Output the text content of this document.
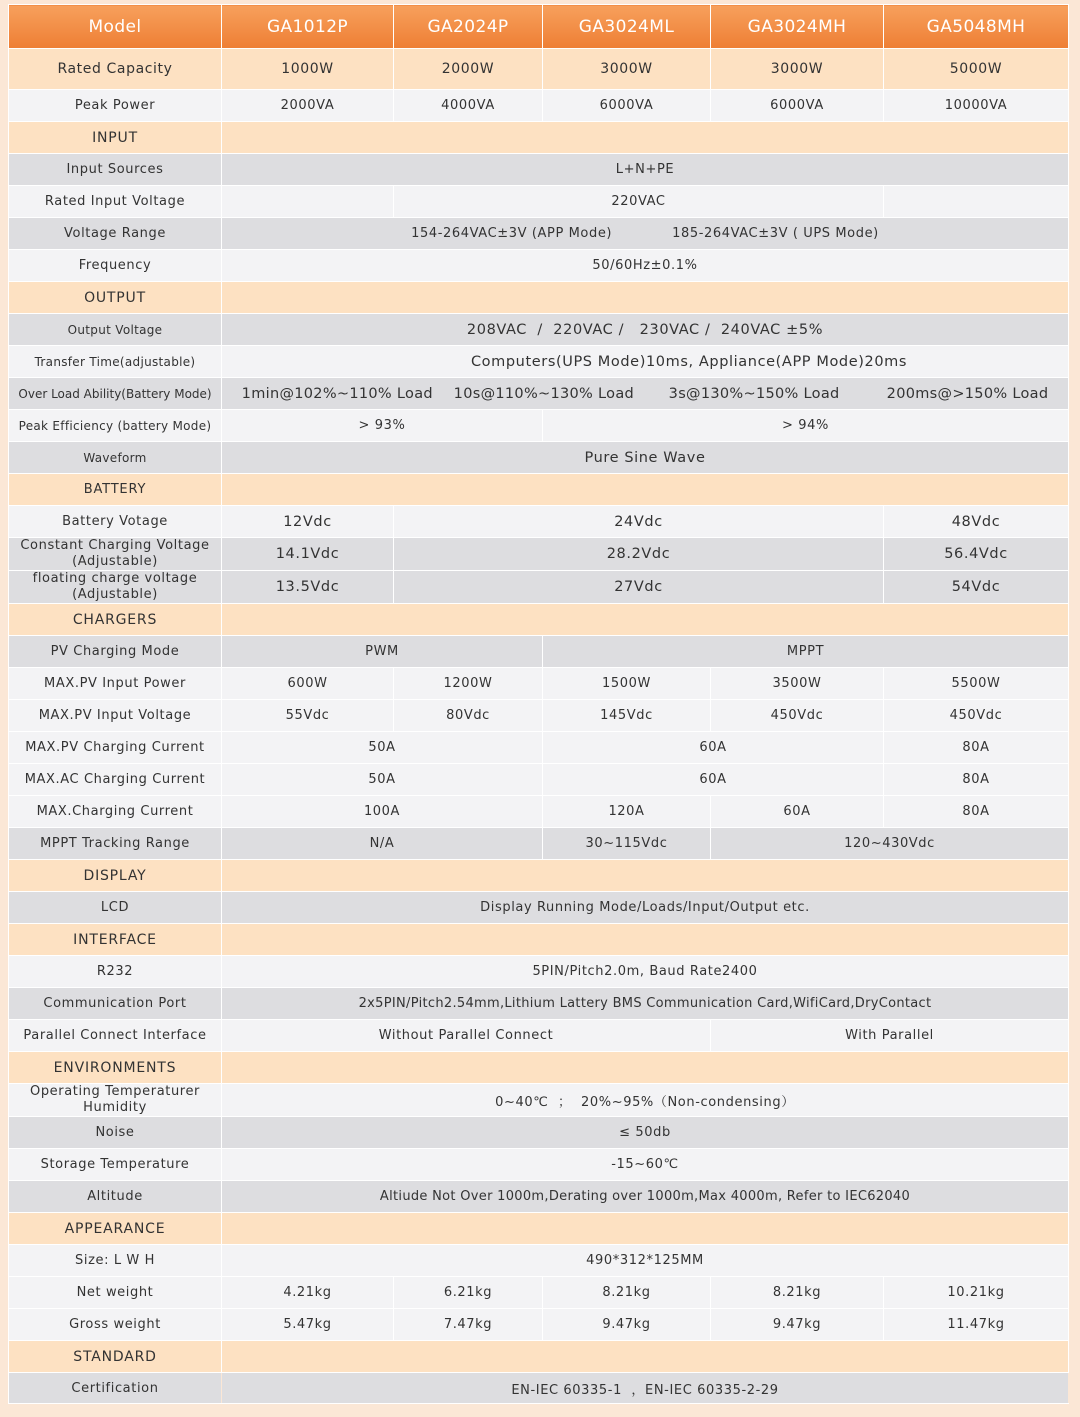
Model	GA1012P	GA2024P	GA3024ML	GA3024MH	GA5048MH
Rated Capacity	1000W	2000W	3000W	3000W	5000W
Peak Power	2000VA	4000VA	6000VA	6000VA	10000VA
INPUT					
Input Sources	L+N+PE				
Rated Input Voltage		220VAC			
Voltage Range	154-264VAC±3V (APP Mode) 185-264VAC±3V ( UPS Mode)				
Frequency	50/60Hz±0.1%				
OUTPUT					
Output Voltage	208VAC  /  220VAC /   230VAC /  240VAC ±5%				
Transfer Time(adjustable)	Computers(UPS Mode)10ms, Appliance(APP Mode)20ms				
Over Load Ability(Battery Mode)	1min@102%~110% Load 10s@110%~130% Load 3s@130%~150% Load 200ms@>150% Load				
Peak Efficiency (battery Mode)	> 93%		> 94%		
Waveform	Pure Sine Wave				
BATTERY					
Battery Votage	12Vdc	24Vdc			48Vdc
Constant Charging Voltage (Adjustable)	14.1Vdc	28.2Vdc			56.4Vdc
floating charge voltage (Adjustable)	13.5Vdc	27Vdc			54Vdc
CHARGERS					
PV Charging Mode	PWM		MPPT		
MAX.PV Input Power	600W	1200W	1500W	3500W	5500W
MAX.PV Input Voltage	55Vdc	80Vdc	145Vdc	450Vdc	450Vdc
MAX.PV Charging Current	50A		60A		80A
MAX.AC Charging Current	50A		60A		80A
MAX.Charging Current	100A		120A	60A	80A
MPPT Tracking Range	N/A		30~115Vdc	120~430Vdc	
DISPLAY					
LCD	Display Running Mode/Loads/Input/Output etc.				
INTERFACE					
R232	5PIN/Pitch2.0m, Baud Rate2400				
Communication Port	2x5PIN/Pitch2.54mm,Lithium Lattery BMS Communication Card,WifiCard,DryContact				
Parallel Connect Interface	Without Parallel Connect			With Parallel	
ENVIRONMENTS					
Operating Temperaturer Humidity	0~40℃  ；  20%~95%（Non-condensing）				
Noise	≤ 50db				
Storage Temperature	-15~60℃				
Altitude	Altiude Not Over 1000m,Derating over 1000m,Max 4000m, Refer to IEC62040				
APPEARANCE					
Size: L W H	490*312*125MM				
Net weight	4.21kg	6.21kg	8.21kg	8.21kg	10.21kg
Gross weight	5.47kg	7.47kg	9.47kg	9.47kg	11.47kg
STANDARD					
Certification	EN-IEC 60335-1  ，EN-IEC 60335-2-29				
